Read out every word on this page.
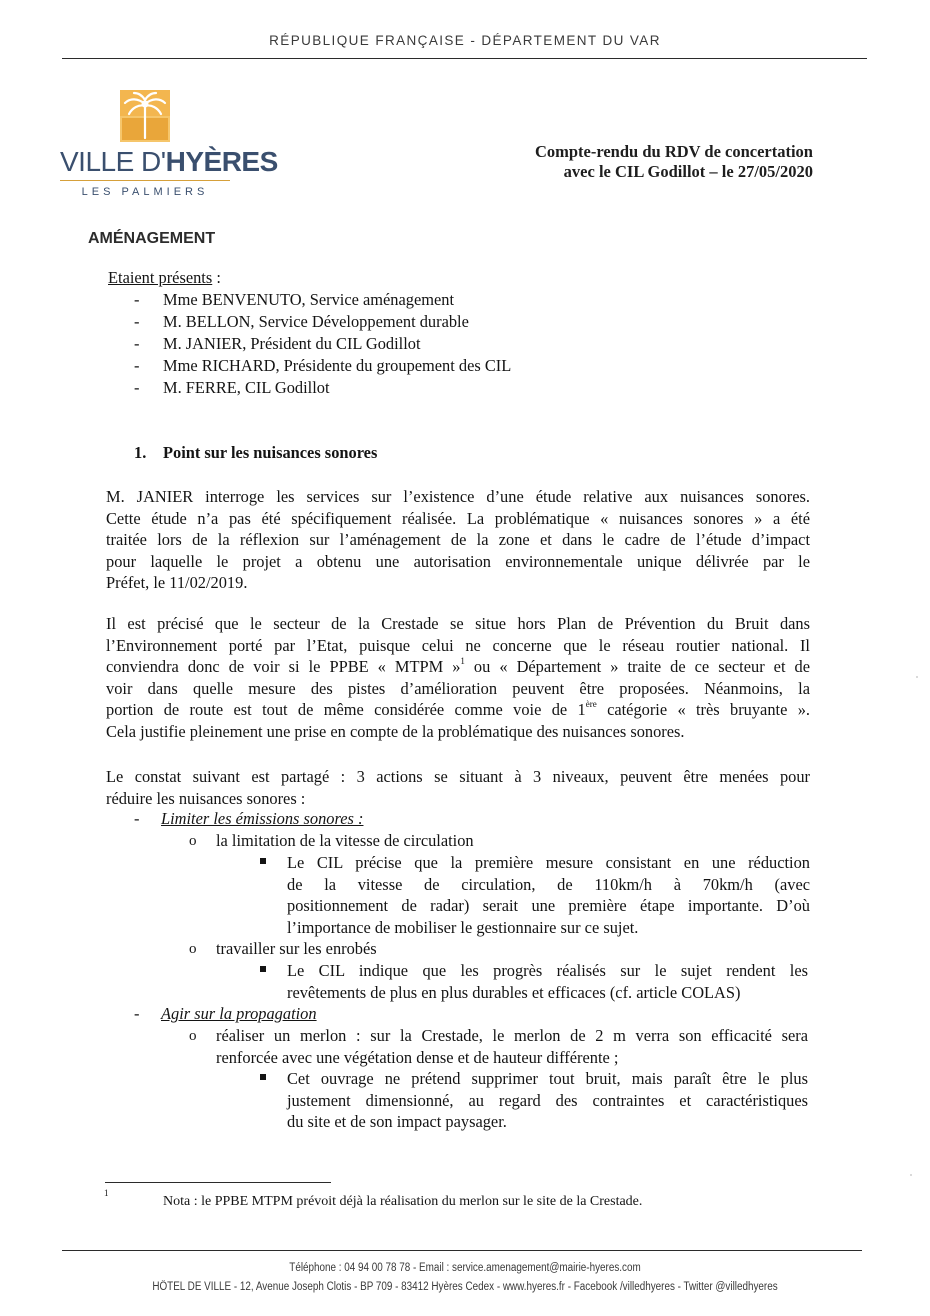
RÉPUBLIQUE FRANÇAISE - DÉPARTEMENT DU VAR
VILLE D'HYÈRES
LES PALMIERS
Compte-rendu du RDV de concertation
avec le CIL Godillot – le 27/05/2020
AMÉNAGEMENT
Etaient présents :
- Mme BENVENUTO, Service aménagement
- M. BELLON, Service Développement durable
- M. JANIER, Président du CIL Godillot
- Mme RICHARD, Présidente du groupement des CIL
- M. FERRE, CIL Godillot
1. Point sur les nuisances sonores
M. JANIER interroge les services sur l’existence d’une étude relative aux nuisances sonores.
Cette étude n’a pas été spécifiquement réalisée. La problématique « nuisances sonores » a été
traitée lors de la réflexion sur l’aménagement de la zone et dans le cadre de l’étude d’impact
pour laquelle le projet a obtenu une autorisation environnementale unique délivrée par le
Préfet, le 11/02/2019.
Il est précisé que le secteur de la Crestade se situe hors Plan de Prévention du Bruit dans
l’Environnement porté par l’Etat, puisque celui ne concerne que le réseau routier national. Il
conviendra donc de voir si le PPBE « MTPM »$^1$ ou « Département » traite de ce secteur et de
voir dans quelle mesure des pistes d’amélioration peuvent être proposées. Néanmoins, la
portion de route est tout de même considérée comme voie de 1ère catégorie « très bruyante ».
Cela justifie pleinement une prise en compte de la problématique des nuisances sonores.
Le constat suivant est partagé : 3 actions se situant à 3 niveaux, peuvent être menées pour
réduire les nuisances sonores :
- Limiter les émissions sonores :
o la limitation de la vitesse de circulation
Le CIL précise que la première mesure consistant en une réduction
de la vitesse de circulation, de 110km/h à 70km/h (avec
positionnement de radar) serait une première étape importante. D’où
l’importance de mobiliser le gestionnaire sur ce sujet.
o travailler sur les enrobés
Le CIL indique que les progrès réalisés sur le sujet rendent les
revêtements de plus en plus durables et efficaces (cf. article COLAS)
- Agir sur la propagation
o réaliser un merlon : sur la Crestade, le merlon de 2 m verra son efficacité sera
renforcée avec une végétation dense et de hauteur différente ;
Cet ouvrage ne prétend supprimer tout bruit, mais paraît être le plus
justement dimensionné, au regard des contraintes et caractéristiques
du site et de son impact paysager.
1
Nota : le PPBE MTPM prévoit déjà la réalisation du merlon sur le site de la Crestade.
Téléphone : 04 94 00 78 78 - Email : service.amenagement@mairie-hyeres.com
HÔTEL DE VILLE - 12, Avenue Joseph Clotis - BP 709 - 83412 Hyères Cedex - www.hyeres.fr - Facebook /villedhyeres - Twitter @villedhyeres
